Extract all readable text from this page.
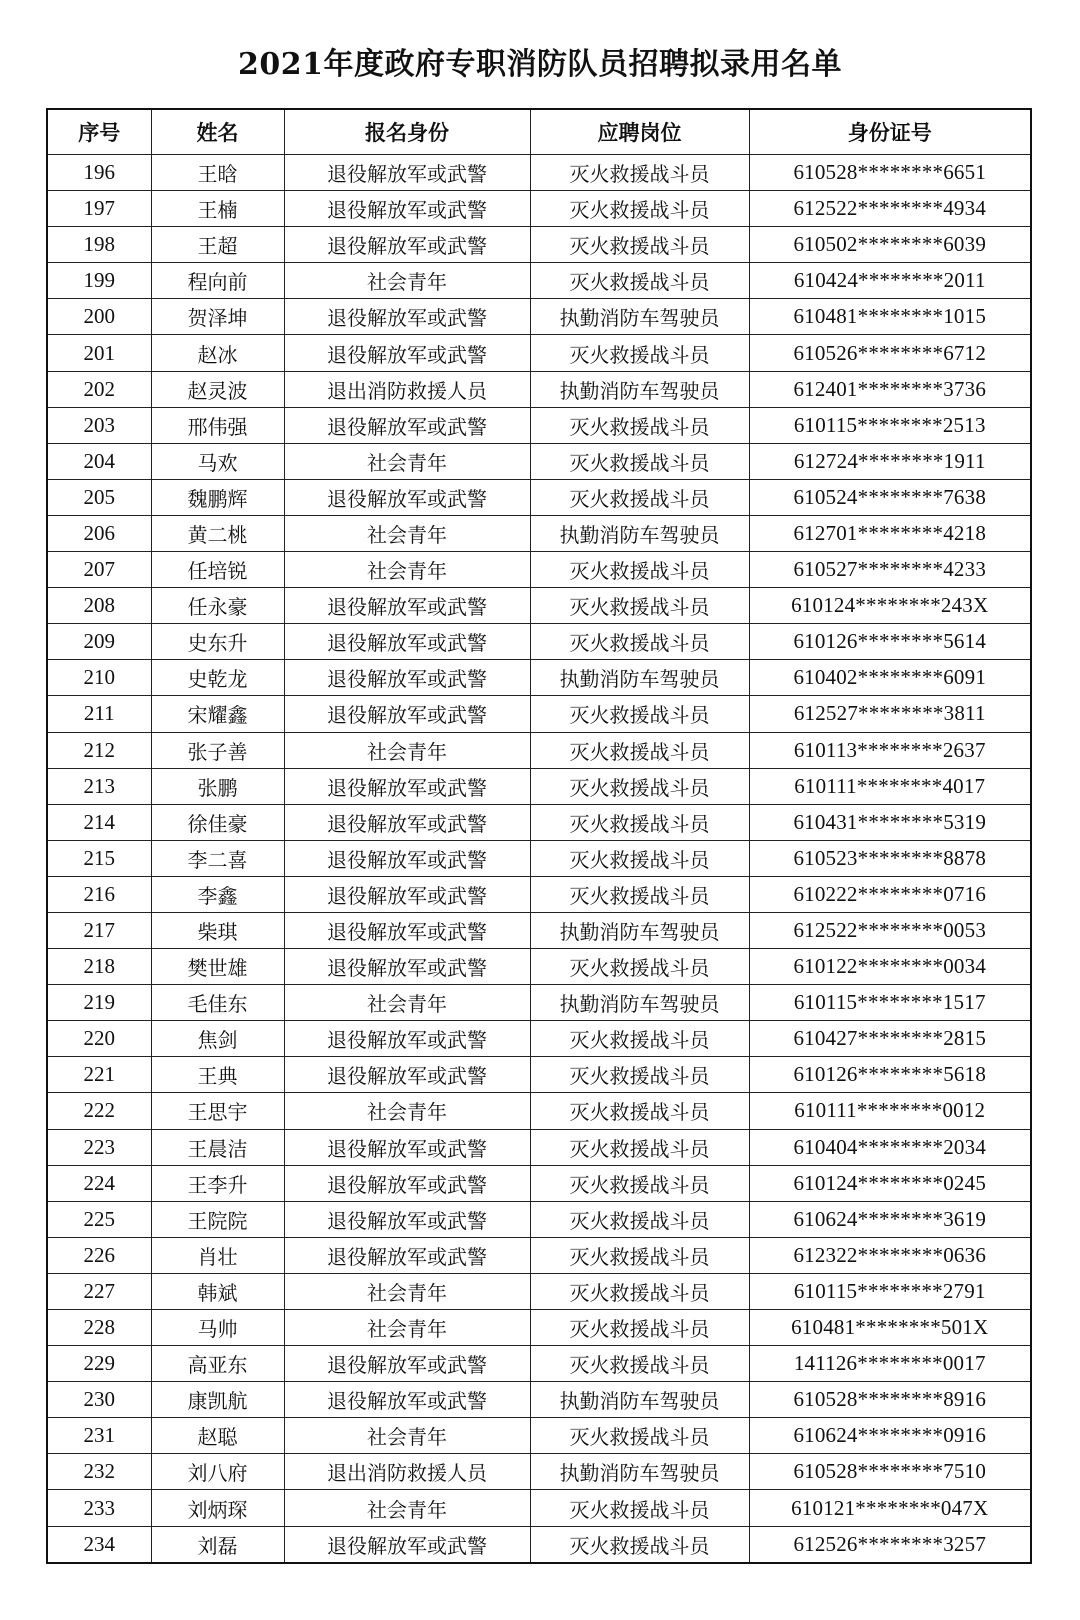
2021年度政府专职消防队员招聘拟录用名单
序号	姓名	报名身份	应聘岗位	身份证号
196	王晗	退役解放军或武警	灭火救援战斗员	610528********6651
197	王楠	退役解放军或武警	灭火救援战斗员	612522********4934
198	王超	退役解放军或武警	灭火救援战斗员	610502********6039
199	程向前	社会青年	灭火救援战斗员	610424********2011
200	贺泽坤	退役解放军或武警	执勤消防车驾驶员	610481********1015
201	赵冰	退役解放军或武警	灭火救援战斗员	610526********6712
202	赵灵波	退出消防救援人员	执勤消防车驾驶员	612401********3736
203	邢伟强	退役解放军或武警	灭火救援战斗员	610115********2513
204	马欢	社会青年	灭火救援战斗员	612724********1911
205	魏鹏辉	退役解放军或武警	灭火救援战斗员	610524********7638
206	黄二桃	社会青年	执勤消防车驾驶员	612701********4218
207	任培锐	社会青年	灭火救援战斗员	610527********4233
208	任永豪	退役解放军或武警	灭火救援战斗员	610124********243X
209	史东升	退役解放军或武警	灭火救援战斗员	610126********5614
210	史乾龙	退役解放军或武警	执勤消防车驾驶员	610402********6091
211	宋耀鑫	退役解放军或武警	灭火救援战斗员	612527********3811
212	张子善	社会青年	灭火救援战斗员	610113********2637
213	张鹏	退役解放军或武警	灭火救援战斗员	610111********4017
214	徐佳豪	退役解放军或武警	灭火救援战斗员	610431********5319
215	李二喜	退役解放军或武警	灭火救援战斗员	610523********8878
216	李鑫	退役解放军或武警	灭火救援战斗员	610222********0716
217	柴琪	退役解放军或武警	执勤消防车驾驶员	612522********0053
218	樊世雄	退役解放军或武警	灭火救援战斗员	610122********0034
219	毛佳东	社会青年	执勤消防车驾驶员	610115********1517
220	焦剑	退役解放军或武警	灭火救援战斗员	610427********2815
221	王典	退役解放军或武警	灭火救援战斗员	610126********5618
222	王思宇	社会青年	灭火救援战斗员	610111********0012
223	王晨洁	退役解放军或武警	灭火救援战斗员	610404********2034
224	王李升	退役解放军或武警	灭火救援战斗员	610124********0245
225	王院院	退役解放军或武警	灭火救援战斗员	610624********3619
226	肖壮	退役解放军或武警	灭火救援战斗员	612322********0636
227	韩斌	社会青年	灭火救援战斗员	610115********2791
228	马帅	社会青年	灭火救援战斗员	610481********501X
229	高亚东	退役解放军或武警	灭火救援战斗员	141126********0017
230	康凯航	退役解放军或武警	执勤消防车驾驶员	610528********8916
231	赵聪	社会青年	灭火救援战斗员	610624********0916
232	刘八府	退出消防救援人员	执勤消防车驾驶员	610528********7510
233	刘炳琛	社会青年	灭火救援战斗员	610121********047X
234	刘磊	退役解放军或武警	灭火救援战斗员	612526********3257
